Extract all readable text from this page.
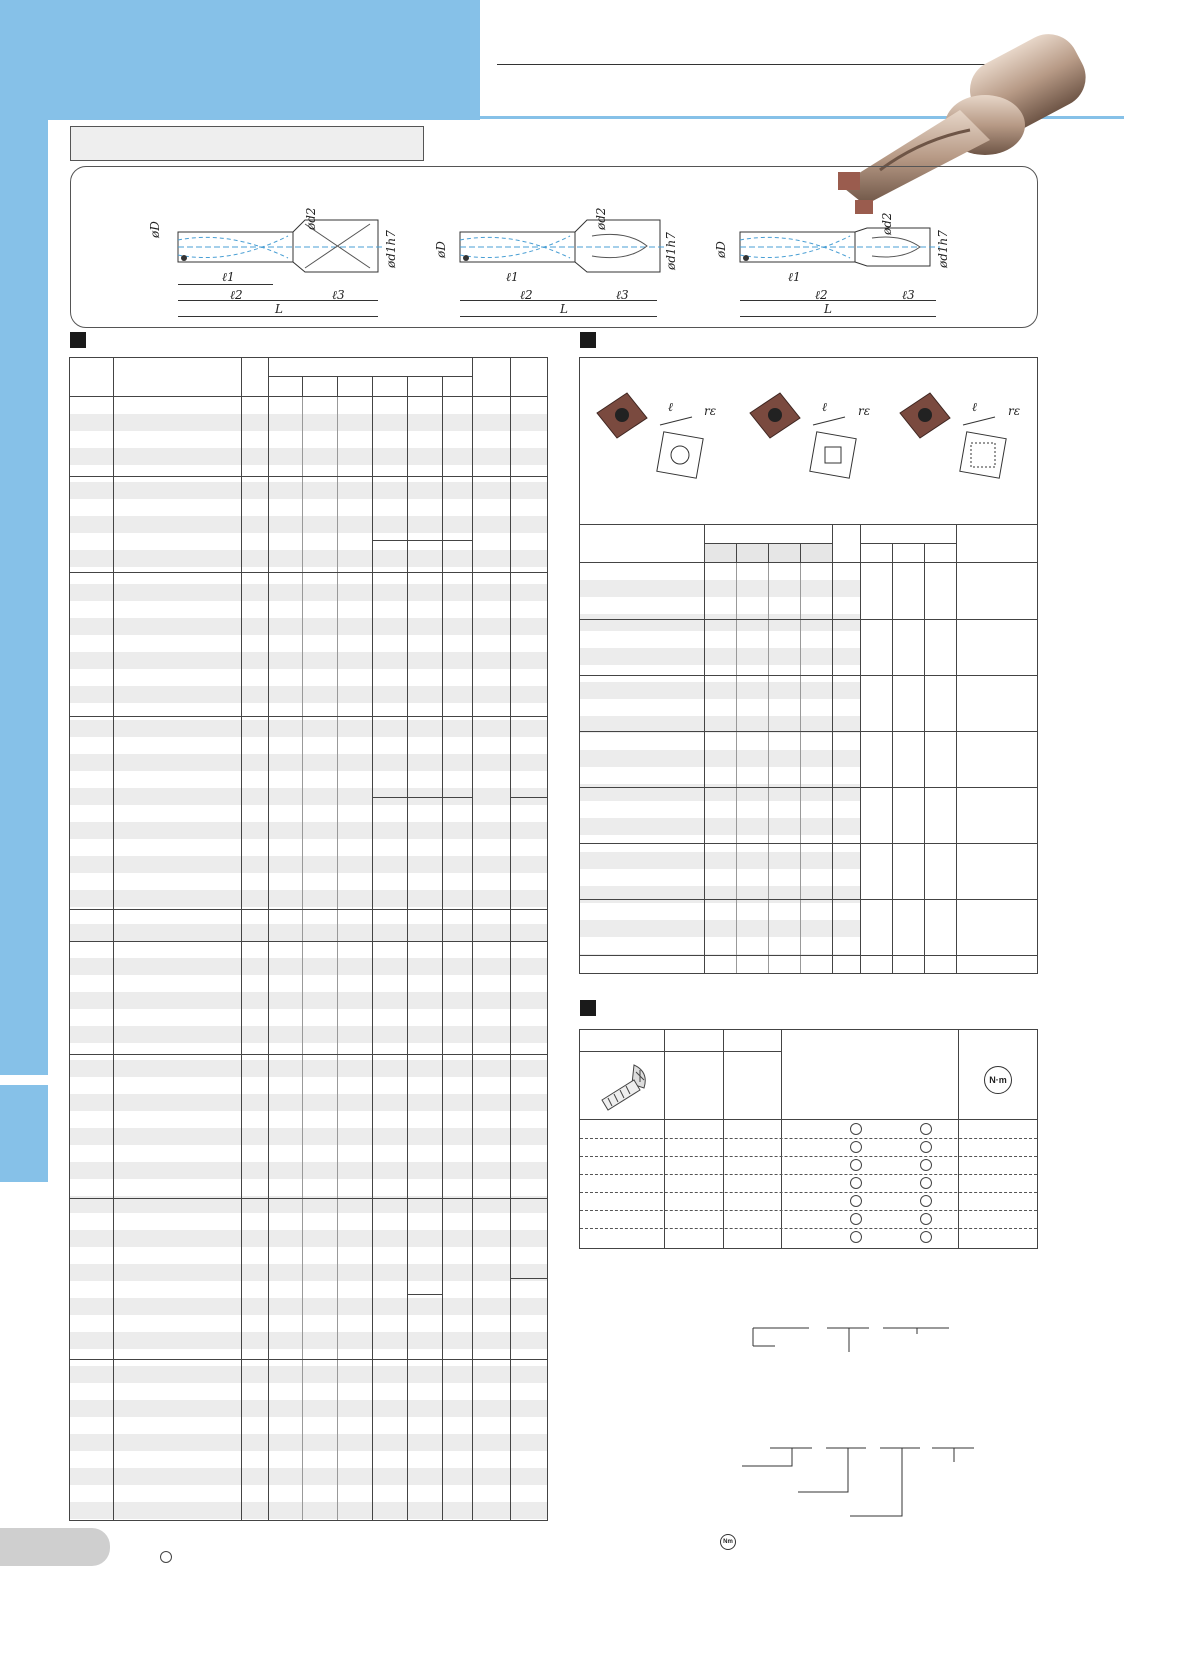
øD	ød2
ød1h7
ℓ1
ℓ2	ℓ3
L
øD
ød2
ød1h7
ℓ1
ℓ2	ℓ3
L
øD
ød2
ød1h7
ℓ1
ℓ2	ℓ3
L
ℓ	rε	ℓ	rε	ℓ	rε
N·m
Nm
